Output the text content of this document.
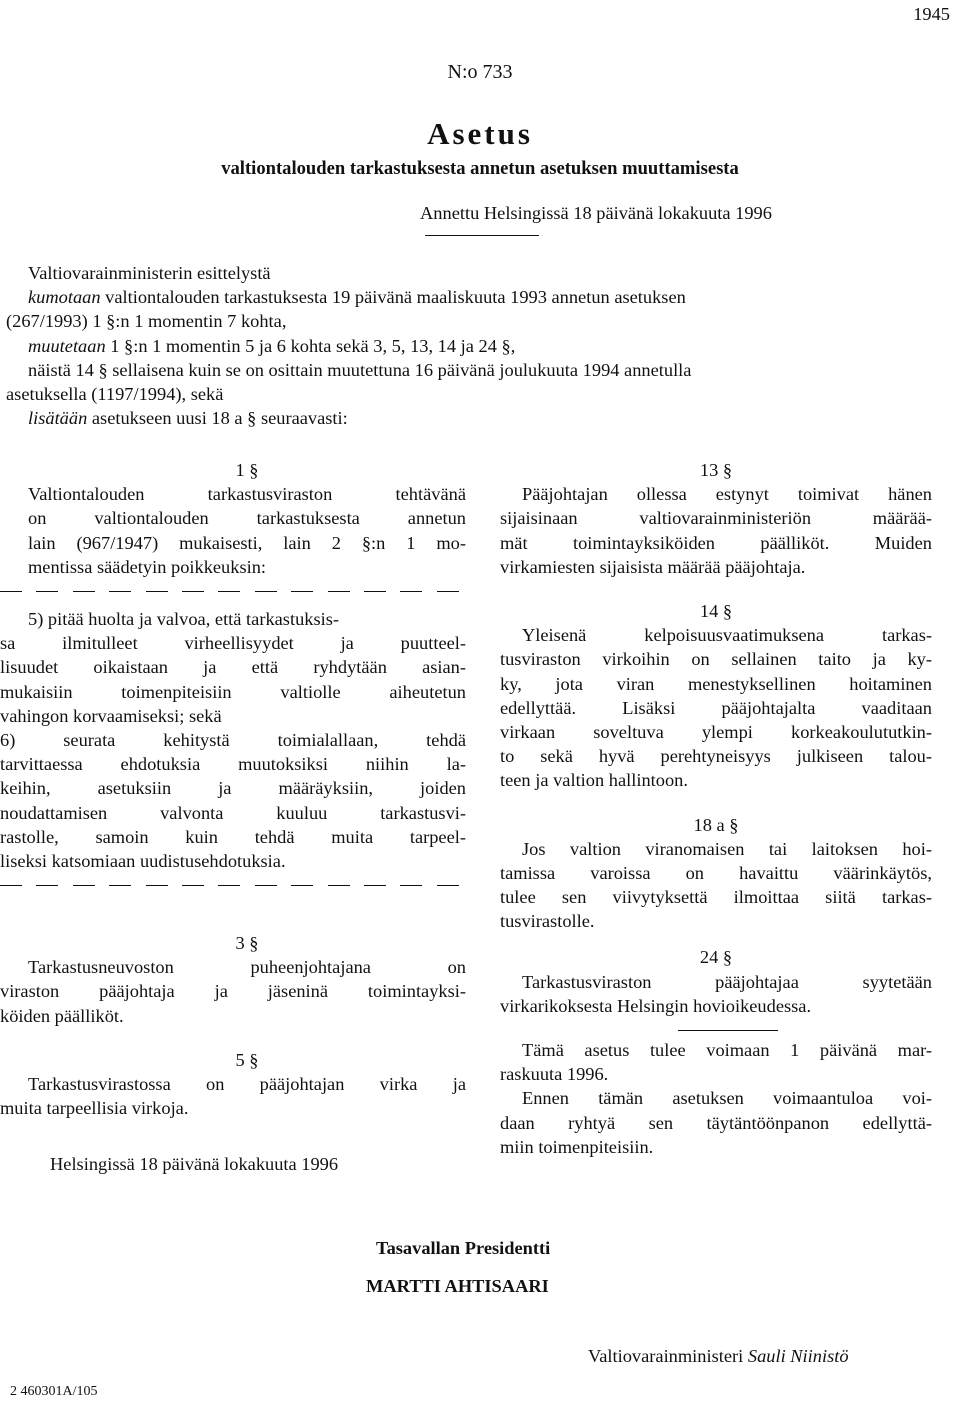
1945
N:o 733
Asetus
valtiontalouden tarkastuksesta annetun asetuksen muuttamisesta
Annettu Helsingissä 18 päivänä lokakuuta 1996
Valtiovarainministerin esittelystä
kumotaan valtiontalouden tarkastuksesta 19 päivänä maaliskuuta 1993 annetun asetuksen
(267/1993) 1 §:n 1 momentin 7 kohta,
muutetaan 1 §:n 1 momentin 5 ja 6 kohta sekä 3, 5, 13, 14 ja 24 §,
näistä 14 § sellaisena kuin se on osittain muutettuna 16 päivänä joulukuuta 1994 annetulla
asetuksella (1197/1994), sekä
lisätään asetukseen uusi 18 a § seuraavasti:
1 §
Valtiontalouden tarkastusviraston tehtävänä
on valtiontalouden tarkastuksesta annetun
lain (967/1947) mukaisesti, lain 2 §:n 1 mo-
mentissa säädetyin poikkeuksin:
5) pitää huolta ja valvoa, että tarkastuksis-
sa ilmitulleet virheellisyydet ja puutteel-
lisuudet oikaistaan ja että ryhdytään asian-
mukaisiin toimenpiteisiin valtiolle aiheutetun
vahingon korvaamiseksi; sekä
6) seurata kehitystä toimialallaan, tehdä
tarvittaessa ehdotuksia muutoksiksi niihin la-
keihin, asetuksiin ja määräyksiin, joiden
noudattamisen valvonta kuuluu tarkastusvi-
rastolle, samoin kuin tehdä muita tarpeel-
liseksi katsomiaan uudistusehdotuksia.
3 §
Tarkastusneuvoston puheenjohtajana on
viraston pääjohtaja ja jäseninä toimintayksi-
köiden päälliköt.
5 §
Tarkastusvirastossa on pääjohtajan virka ja
muita tarpeellisia virkoja.
13 §
Pääjohtajan ollessa estynyt toimivat hänen
sijaisinaan valtiovarainministeriön määrää-
mät toimintayksiköiden päälliköt. Muiden
virkamiesten sijaisista määrää pääjohtaja.
14 §
Yleisenä kelpoisuusvaatimuksena tarkas-
tusviraston virkoihin on sellainen taito ja ky-
ky, jota viran menestyksellinen hoitaminen
edellyttää. Lisäksi pääjohtajalta vaaditaan
virkaan soveltuva ylempi korkeakoulututkin-
to sekä hyvä perehtyneisyys julkiseen talou-
teen ja valtion hallintoon.
18 a §
Jos valtion viranomaisen tai laitoksen hoi-
tamissa varoissa on havaittu väärinkäytös,
tulee sen viivytyksettä ilmoittaa siitä tarkas-
tusvirastolle.
24 §
Tarkastusviraston pääjohtajaa syytetään
virkarikoksesta Helsingin hovioikeudessa.
Tämä asetus tulee voimaan 1 päivänä mar-
raskuuta 1996.
Ennen tämän asetuksen voimaantuloa voi-
daan ryhtyä sen täytäntöönpanon edellyttä-
miin toimenpiteisiin.
Helsingissä 18 päivänä lokakuuta 1996
Tasavallan Presidentti
MARTTI AHTISAARI
Valtiovarainministeri Sauli Niinistö
2 460301A/105
